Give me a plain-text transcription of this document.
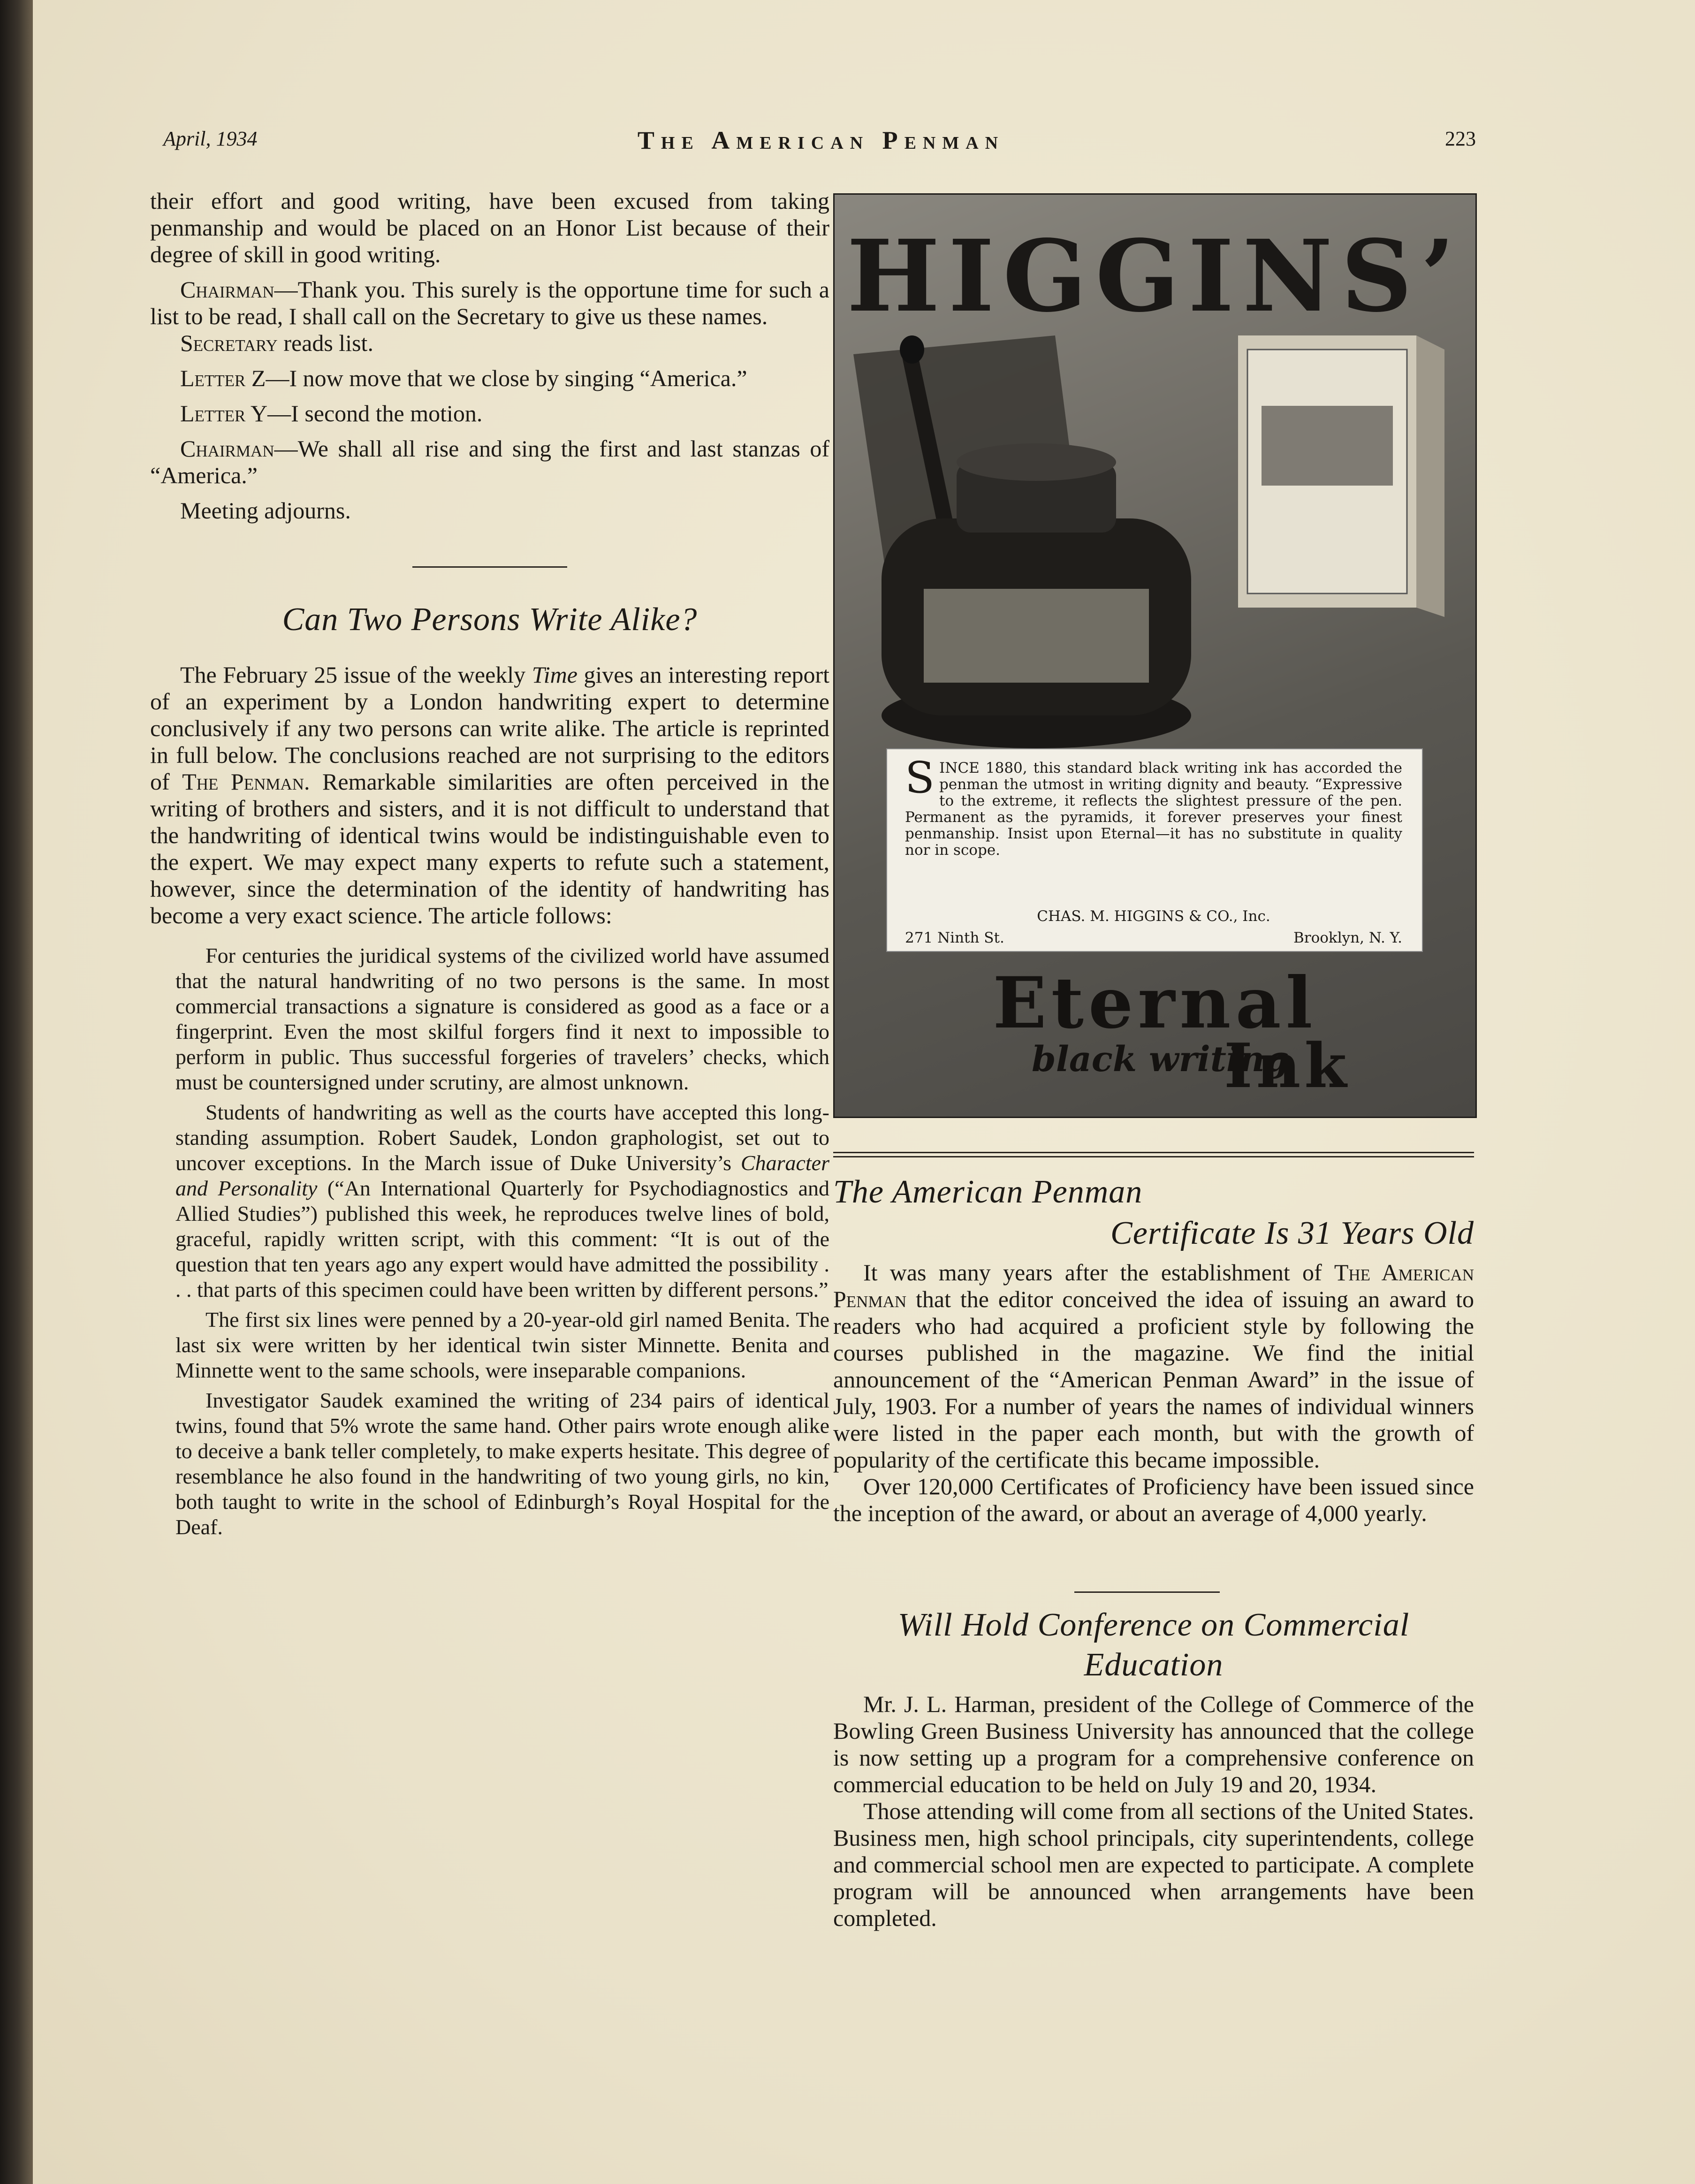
April, 1934	The American Penman	223

their effort and good writing, have been excused from taking penmanship and would be placed on an Honor List because of their degree of skill in good writing.

Chairman—Thank you. This surely is the opportune time for such a list to be read, I shall call on the Secretary to give us these names.

Secretary reads list.

Letter Z—I now move that we close by singing “America.”

Letter Y—I second the motion.

Chairman—We shall all rise and sing the first and last stanzas of “America.”

Meeting adjourns.

Can Two Persons Write Alike?

The February 25 issue of the weekly Time gives an interesting report of an experiment by a London handwriting expert to determine conclusively if any two persons can write alike. The article is reprinted in full below. The conclusions reached are not surprising to the editors of The Penman. Remarkable similarities are often perceived in the writing of brothers and sisters, and it is not difficult to understand that the handwriting of identical twins would be indistinguishable even to the expert. We may expect many experts to refute such a statement, however, since the determination of the identity of handwriting has become a very exact science. The article follows:

For centuries the juridical systems of the civilized world have assumed that the natural handwriting of no two persons is the same. In most commercial transactions a signature is considered as good as a face or a fingerprint. Even the most skilful forgers find it next to impossible to perform in public. Thus successful forgeries of travelers’ checks, which must be countersigned under scrutiny, are almost unknown.

Students of handwriting as well as the courts have accepted this long-standing assumption. Robert Saudek, London graphologist, set out to uncover exceptions. In the March issue of Duke University’s Character and Personality (“An International Quarterly for Psychodiagnostics and Allied Studies”) published this week, he reproduces twelve lines of bold, graceful, rapidly written script, with this comment: “It is out of the question that ten years ago any expert would have admitted the possibility . . . that parts of this specimen could have been written by different persons.”

The first six lines were penned by a 20-year-old girl named Benita. The last six were written by her identical twin sister Minnette. Benita and Minnette went to the same schools, were inseparable companions.

Investigator Saudek examined the writing of 234 pairs of identical twins, found that 5% wrote the same hand. Other pairs wrote enough alike to deceive a bank teller completely, to make experts hesitate. This degree of resemblance he also found in the handwriting of two young girls, no kin, both taught to write in the school of Edinburgh’s Royal Hospital for the Deaf.

HIGGINS’
SINCE 1880, this standard black writing ink has accorded the penman the utmost in writing dignity and beauty. “Expressive to the extreme, it reflects the slightest pressure of the pen. Permanent as the pyramids, it forever preserves your finest penmanship. Insist upon Eternal—it has no substitute in quality nor in scope.
CHAS. M. HIGGINS & CO., Inc.
271 Ninth St.	Brooklyn, N. Y.
Eternal
black writing
Ink
The American Penman
Certificate Is 31 Years Old

It was many years after the establishment of The American Penman that the editor conceived the idea of issuing an award to readers who had acquired a proficient style by following the courses published in the magazine. We find the initial announcement of the “American Penman Award” in the issue of July, 1903. For a number of years the names of individual winners were listed in the paper each month, but with the growth of popularity of the certificate this became impossible.

Over 120,000 Certificates of Proficiency have been issued since the inception of the award, or about an average of 4,000 yearly.

Will Hold Conference on Commercial
Education

Mr. J. L. Harman, president of the College of Commerce of the Bowling Green Business University has announced that the college is now setting up a program for a comprehensive conference on commercial education to be held on July 19 and 20, 1934.

Those attending will come from all sections of the United States. Business men, high school principals, city superintendents, college and commercial school men are expected to participate. A complete program will be announced when arrangements have been completed.
